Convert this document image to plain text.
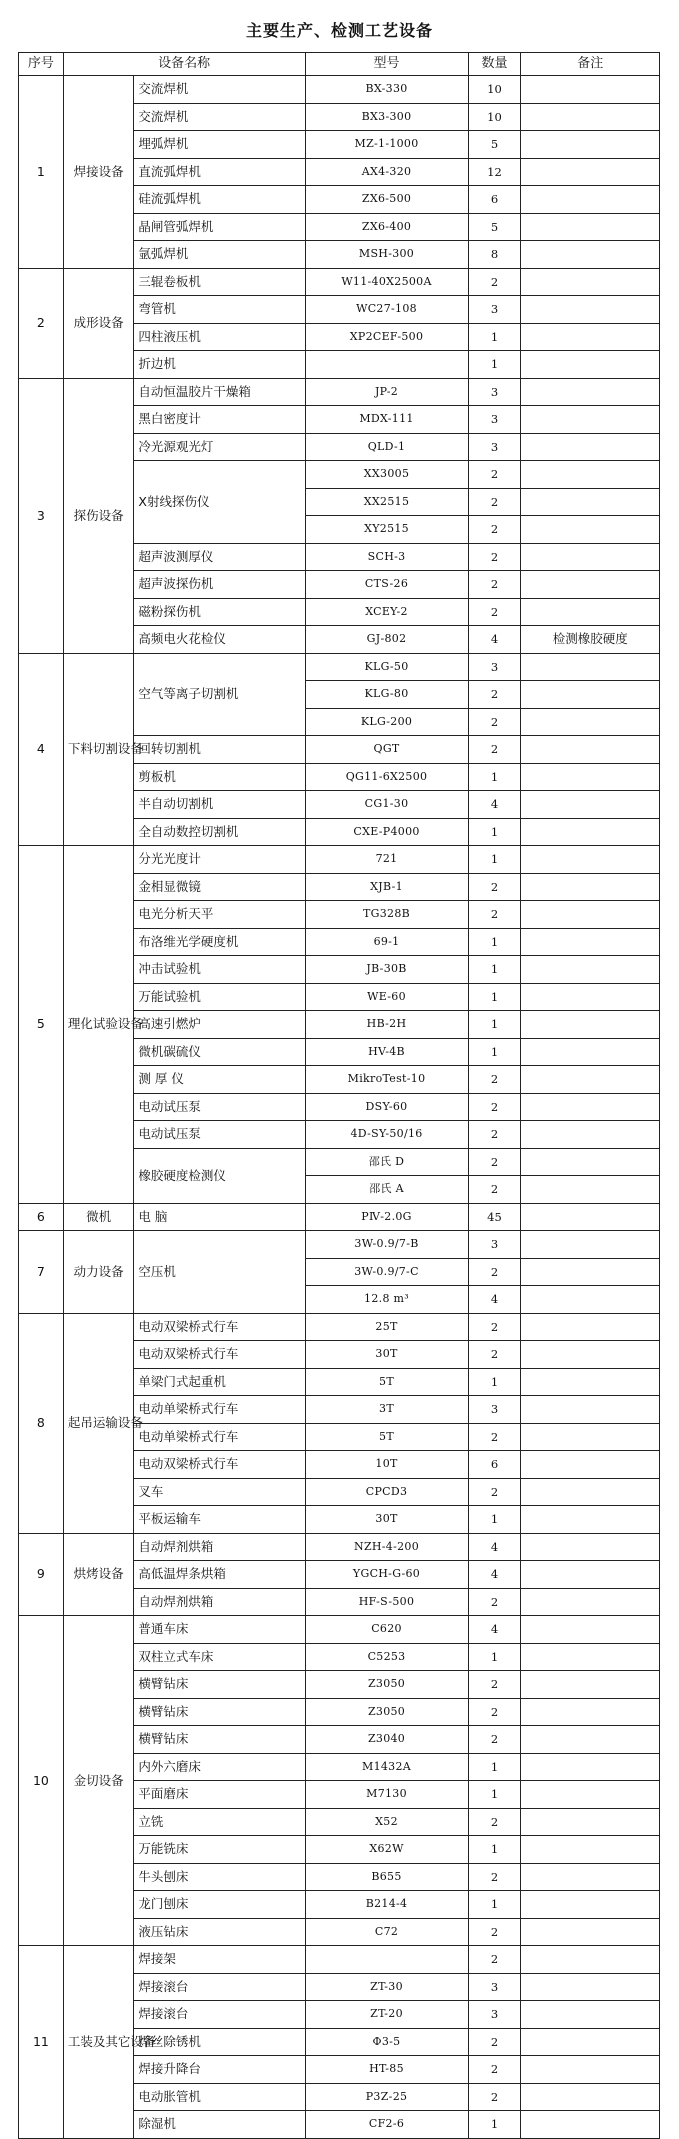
主要生产、检测工艺设备
序号	设备名称		型号	数量	备注
1	焊接设备	交流焊机	BX-330	10	
		交流焊机	BX3-300	10	
		埋弧焊机	MZ-1-1000	5	
		直流弧焊机	AX4-320	12	
		硅流弧焊机	ZX6-500	6	
		晶闸管弧焊机	ZX6-400	5	
		氩弧焊机	MSH-300	8	
2	成形设备	三辊卷板机	W11-40X2500A	2	
		弯管机	WC27-108	3	
		四柱液压机	XP2CEF-500	1	
		折边机		1	
3	探伤设备	自动恒温胶片干燥箱	JP-2	3	
		黑白密度计	MDX-111	3	
		冷光源观光灯	QLD-1	3	
		X射线探伤仪	XX3005	2	
			XX2515	2	
			XY2515	2	
		超声波测厚仪	SCH-3	2	
		超声波探伤机	CTS-26	2	
		磁粉探伤机	XCEY-2	2	
		高频电火花检仪	GJ-802	4	检测橡胶硬度
4	下料切割设备	空气等离子切割机	KLG-50	3	
			KLG-80	2	
			KLG-200	2	
		回转切割机	QGT	2	
		剪板机	QG11-6X2500	1	
		半自动切割机	CG1-30	4	
		全自动数控切割机	CXE-P4000	1	
5	理化试验设备	分光光度计	721	1	
		金相显微镜	XJB-1	2	
		电光分析天平	TG328B	2	
		布洛维光学硬度机	69-1	1	
		冲击试验机	JB-30B	1	
		万能试验机	WE-60	1	
		高速引燃炉	HB-2H	1	
		微机碳硫仪	HV-4B	1	
		测 厚 仪	MikroTest-10	2	
		电动试压泵	DSY-60	2	
		电动试压泵	4D-SY-50/16	2	
		橡胶硬度检测仪	邵氏 D	2	
			邵氏 A	2	
6	微机	电 脑	PⅣ-2.0G	45	
7	动力设备	空压机	3W-0.9/7-B	3	
			3W-0.9/7-C	2	
			12.8 m³	4	
8	起吊运输设备	电动双梁桥式行车	25T	2	
		电动双梁桥式行车	30T	2	
		单梁门式起重机	5T	1	
		电动单梁桥式行车	3T	3	
		电动单梁桥式行车	5T	2	
		电动双梁桥式行车	10T	6	
		叉车	CPCD3	2	
		平板运输车	30T	1	
9	烘烤设备	自动焊剂烘箱	NZH-4-200	4	
		高低温焊条烘箱	YGCH-G-60	4	
		自动焊剂烘箱	HF-S-500	2	
10	金切设备	普通车床	C620	4	
		双柱立式车床	C5253	1	
		横臂钻床	Z3050	2	
		横臂钻床	Z3050	2	
		横臂钻床	Z3040	2	
		内外六磨床	M1432A	1	
		平面磨床	M7130	1	
		立铣	X52	2	
		万能铣床	X62W	1	
		牛头刨床	B655	2	
		龙门刨床	B214-4	1	
		液压钻床	C72	2	
11	工装及其它设备	焊接架		2	
		焊接滚台	ZT-30	3	
		焊接滚台	ZT-20	3	
		焊丝除锈机	Φ3-5	2	
		焊接升降台	HT-85	2	
		电动胀管机	P3Z-25	2	
		除湿机	CF2-6	1	
